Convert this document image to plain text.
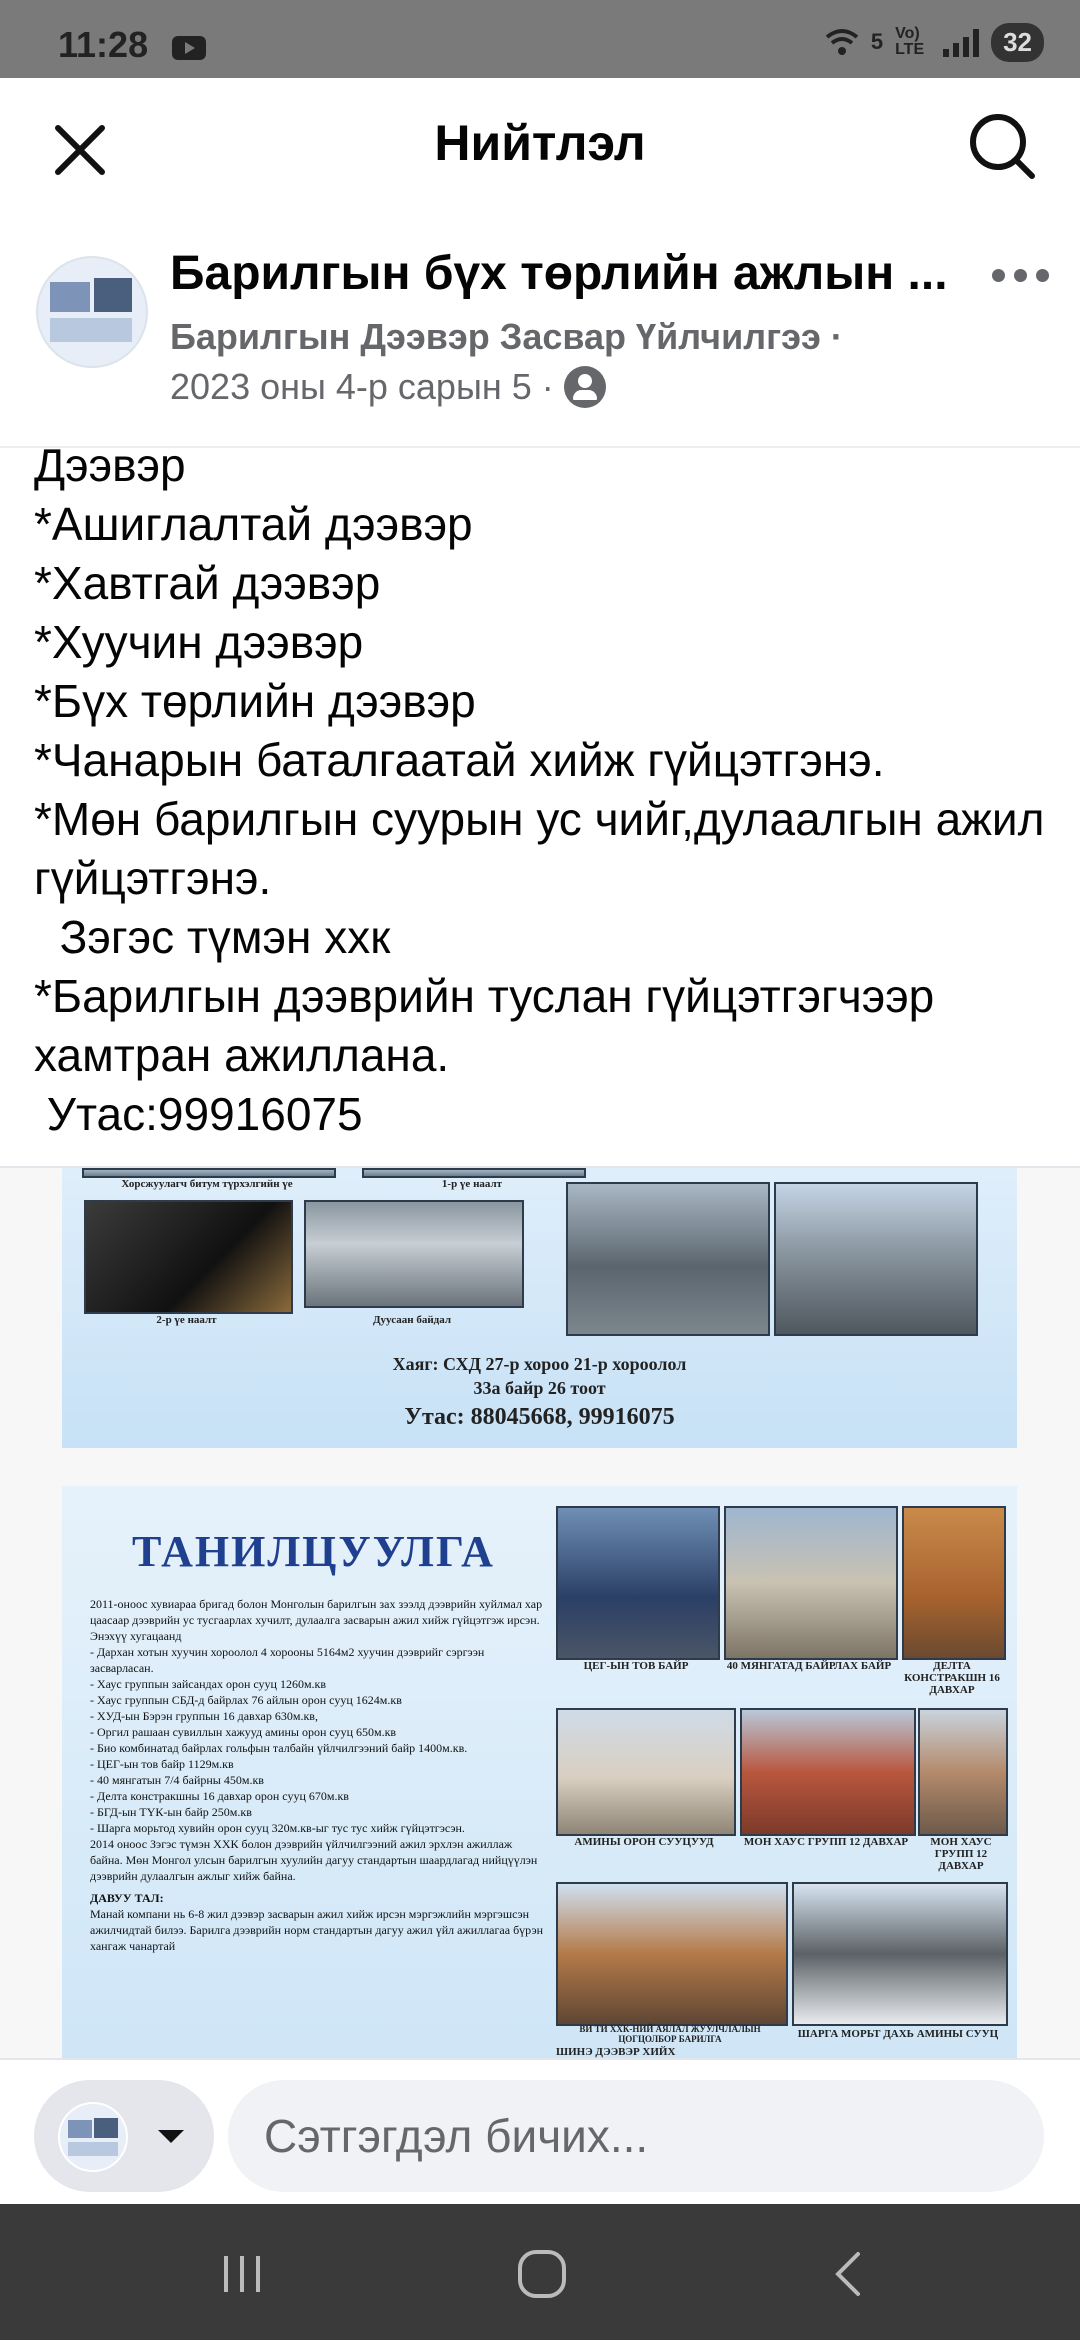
11:28	5 Vo) LTE	32
Нийтлэл
Барилгын бүх төрлийн ажлын ...
Барилгын Дээвэр Засвар Үйлчилгээ ·
2023 оны 4-р сарын 5 ·
Дээвэр
*Ашиглалтай дээвэр
*Хавтгай дээвэр
*Хуучин дээвэр
*Бүх төрлийн дээвэр
*Чанарын баталгаатай хийж гүйцэтгэнэ.
*Мөн барилгын суурын ус чийг,дулаалгын ажил гүйцэтгэнэ.
Зэгэс түмэн ххк
*Барилгын дээврийн туслан гүйцэтгэгчээр хамтран ажиллана.
Утас:99916075
Хорсжуулагч битум түрхэлгийн үе	1-р үе наалт
2-р үе наалт	Дуусаан байдал
Хаяг: СХД 27-р хороо 21-р хороолол
33а байр 26 тоот
Утас: 88045668, 99916075
ТАНИЛЦУУЛГА
2011-оноос хувиараа бригад болон Монголын барилгын зах зээлд дээврийн хуйлмал хар цаасаар дээврийн ус тусгаарлах хучилт, дулаалга засварын ажил хийж гүйцэтгэж ирсэн. Энэхүү хугацаанд
- Дархан хотын хуучин хороолол 4 хорооны 5164м2 хуучин дээврийг сэргээн засварласан.
- Хаус группын зайсандах орон сууц 1260м.кв
- Хаус группын СБД-д байрлах 76 айлын орон сууц 1624м.кв
- ХУД-ын Бэрэн группын 16 давхар 630м.кв,
- Оргил рашаан сувиллын хажууд амины орон сууц 650м.кв
- Био комбинатад байрлах гольфын талбайн үйлчилгээний байр 1400м.кв.
- ЦЕГ-ын тов байр 1129м.кв
- 40 мянгатын 7/4 байрны 450м.кв
- Делта констракшны 16 давхар орон сууц 670м.кв
- БГД-ын ТҮК-ын байр 250м.кв
- Шарга морьтод хувийн орон сууц 320м.кв-ыг тус тус хийж гүйцэтгэсэн.
2014 оноос Зэгэс түмэн ХХК болон дээврийн үйлчилгээний ажил эрхлэн ажиллаж байна. Мөн Монгол улсын барилгын хуулийн дагуу стандартын шаардлагад нийцүүлэн дээврийн дулаалгын ажлыг хийж байна.
ДАВУУ ТАЛ:
Манай компани нь 6-8 жил дээвэр засварын ажил хийж ирсэн мэргэжлийн мэргэшсэн ажилчидтай билээ. Барилга дээврийн норм стандартын дагуу ажил үйл ажиллагаа бүрэн хангаж чанартай
ЦЕГ-ЫН ТОВ БАЙР	40 МЯНГАТАД БАЙРЛАХ БАЙР	ДЕЛТА КОНСТРАКШН 16 ДАВХАР
АМИНЫ ОРОН СУУЦУУД	МОН ХАУС ГРУПП 12 ДАВХАР	МОН ХАУС ГРУПП 12 ДАВХАР
ВИ ТИ ХХК-НИЙ АЯЛАЛ ЖУУЛЧЛАЛЫН ЦОГЦОЛБОР БАРИЛГА	ШАРГА МОРЬТ ДАХЬ АМИНЫ СУУЦ
ШИНЭ ДЭЭВЭР ХИЙХ
Сэтгэгдэл бичих...
